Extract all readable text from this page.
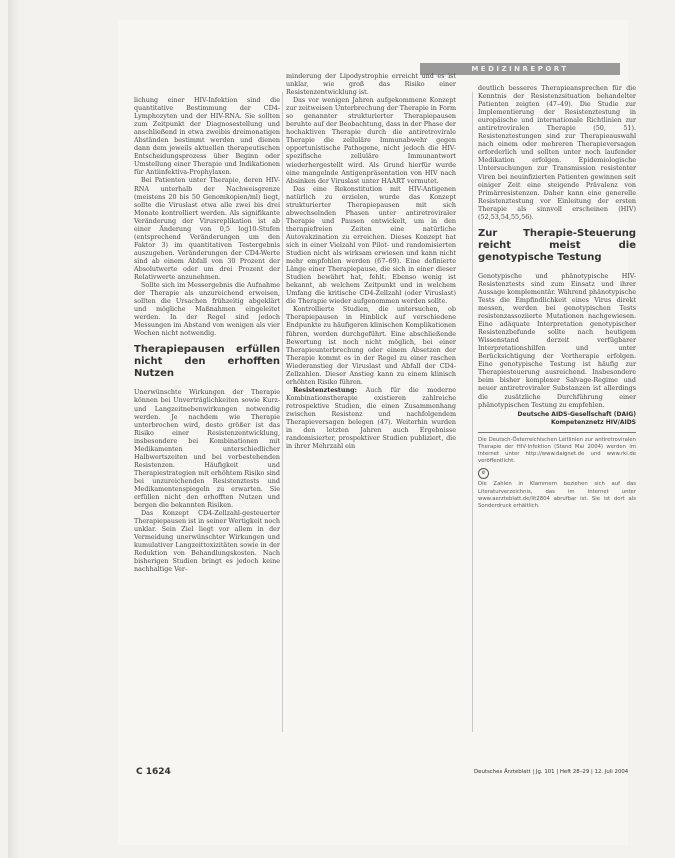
MEDIZINREPORT

lichung einer HIV-Infektion sind die quantitative Bestimmung der CD4-Lymphozyten und der HIV-RNA. Sie sollten zum Zeitpunkt der Diagnosestellung und anschließend in etwa zweibis dreimonatigen Abständen bestimmt werden und dienen dann dem jeweils aktuellen therapeutischen Entscheidungsprozess über Beginn oder Umstellung einer Therapie und Indikationen für Antiinfektiva-Prophylaxen.

Bei Patienten unter Therapie, deren HIV-RNA unterhalb der Nachweisgrenze (meistens 20 bis 50 Genomkopien/ml) liegt, sollte die Viruslast etwa alle zwei bis drei Monate kontrolliert werden. Als signifikante Veränderung der Virusreplikation ist ab einer Änderung von 0,5 log10-Stufen (entsprechend Veränderungen um den Faktor 3) im quantitativen Testergebnis auszugehen. Veränderungen der CD4-Werte sind ab einem Abfall von 30 Prozent der Absolutwerte oder um drei Prozent der Relativwerte anzunehmen.

Sollte sich im Messergebnis die Aufnahme der Therapie als unzureichend erweisen, sollten die Ursachen frühzeitig abgeklärt und mögliche Maßnahmen eingeleitet werden. In der Regel sind jedoch Messungen im Abstand von wenigen als vier Wochen nicht notwendig.

Therapiepausen erfüllen nicht den erhofften Nutzen

Unerwünschte Wirkungen der Therapie können bei Unverträglichkeiten sowie Kurz- und Langzeitnebenwirkungen notwendig werden. Je nachdem wie Therapie unterbrochen wird, desto größer ist das Risiko einer Resistenzentwicklung, insbesondere bei Kombinationen mit Medikamenten unterschiedlicher Halbwertszeiten und bei vorbestehenden Resistenzen. Häufigkeit und Therapiestrategien mit erhöhtem Risiko sind bei unzureichenden Resistenztests und Medikamentenspiegeln zu erwarten. Sie erfüllen nicht den erhofften Nutzen und bergen die bekannten Risiken.

Das Konzept CD4-Zellzahl-gesteuerter Therapiepausen ist in seiner Wertigkeit noch unklar. Sein Ziel liegt vor allem in der Vermeidung unerwünschter Wirkungen und kumulativer Langzeittoxizitäten sowie in der Reduktion von Behandlungskosten. Nach bisherigen Studien bringt es jedoch keine nachhaltige Ver-

minderung der Lipodystrophie erreicht und es ist unklar, wie groß das Risiko einer Resistenzentwicklung ist.

Das vor wenigen Jahren aufgekommene Konzept zur zeitweisen Unterbrechung der Therapie in Form so genannter strukturierter Therapiepausen beruhte auf der Beobachtung, dass in der Phase der hochaktiven Therapie durch die antiretrovirale Therapie die zelluläre Immunabwehr gegen opportunistische Pathogene, nicht jedoch die HIV-spezifische zelluläre Immunantwort wiederhergestellt wird. Als Grund hierfür wurde eine mangelnde Antigenpräsentation von HIV nach Absinken der Viruslast unter HAART vermutet.

Das eine Rekonstitution mit HIV-Antigenen natürlich zu erzielen, wurde das Konzept strukturierter Therapiepausen mit sich abwechselnden Phasen unter antiretroviraler Therapie und Pausen entwickelt, um in den therapiefreien Zeiten eine natürliche Autovakzination zu erreichen. Dieses Konzept hat sich in einer Vielzahl von Pilot- und randomisierten Studien nicht als wirksam erwiesen und kann nicht mehr empfohlen werden (67–69). Eine definierte Länge einer Therapiepause, die sich in einer dieser Studien bewährt hat, fehlt. Ebenso wenig ist bekannt, ab welchem Zeitpunkt und in welchem Umfang die kritische CD4-Zellzahl (oder Viruslast) die Therapie wieder aufgenommen werden sollte.

Kontrollierte Studien, die untersuchen, ob Therapiepausen in Hinblick auf verschiedene Endpunkte zu häufigeren klinischen Komplikationen führen, werden durchgeführt. Eine abschließende Bewertung ist noch nicht möglich, bei einer Therapieunterbrechung oder einem Absetzen der Therapie kommt es in der Regel zu einer raschen Wiederanstieg der Viruslast und Abfall der CD4-Zellzahlen. Dieser Anstieg kann zu einem klinisch erhöhten Risiko führen.

Resistenztestung: Auch für die moderne Kombinationstherapie existieren zahlreiche retrospektive Studien, die einen Zusammenhang zwischen Resistenz und nachfolgendem Therapieversagen belegen (47). Weiterhin wurden in den letzten Jahren auch Ergebnisse randomisierter, prospektiver Studien publiziert, die in ihrer Mehrzahl ein

deutlich besseres Therapieansprechen für die Kenntnis der Resistenzsituation behandelter Patienten zeigten (47–49). Die Studie zur Implementierung der Resistenztestung in europäische und internationale Richtlinien zur antiretroviralen Therapie (50, 51). Resistenztestungen sind zur Therapieauswahl nach einem oder mehreren Therapieversagen erforderlich und sollten unter noch laufender Medikation erfolgen. Epidemiologische Untersuchungen zur Transmission resistenter Viren bei neuinfizierten Patienten gewinnen seit einiger Zeit eine steigende Prävalenz von Primärresistenzen. Daher kann eine generelle Resistenztestung vor Einleitung der ersten Therapie als sinnvoll erscheinen (HIV) (52,53,54,55,56).

Zur Therapie-Steuerung reicht meist die genotypische Testung

Genotypische und phänotypische HIV-Resistenztests sind zum Einsatz und ihrer Aussage komplementär. Während phänotypische Tests die Empfindlichkeit eines Virus direkt messen, werden bei genotypischen Tests resistenzassoziierte Mutationen nachgewiesen. Eine adäquate Interpretation genotypischer Resistenzbefunde sollte nach heutigem Wissenstand derzeit verfügbarer Interpretationshilfen und unter Berücksichtigung der Vortherapie erfolgen. Eine genotypische Testung ist häufig zur Therapiesteuerung ausreichend. Insbesondere beim bisher komplexer Salvage-Regime und neuer antiretroviraler Substanzen ist allerdings die zusätzliche Durchführung einer phänotypischen Testung zu empfehlen.

Deutsche AIDS-Gesellschaft (DAIG)
Kompetenznetz HIV/AIDS

Die Deutsch-Österreichischen Leitlinien zur antiretroviralen Therapie der HIV-Infektion (Stand Mai 2004) werden im Internet unter http://www.daignet.de und www.rki.de veröffentlicht.

©

Die Zahlen in Klammern beziehen sich auf das Literaturverzeichnis, das im Internet unter www.aerzteblatt.de/lit2804 abrufbar ist. Sie ist dort als Sonderdruck erhältlich.

C 1624	Deutsches Ärzteblatt | Jg. 101 | Heft 28–29 | 12. Juli 2004
